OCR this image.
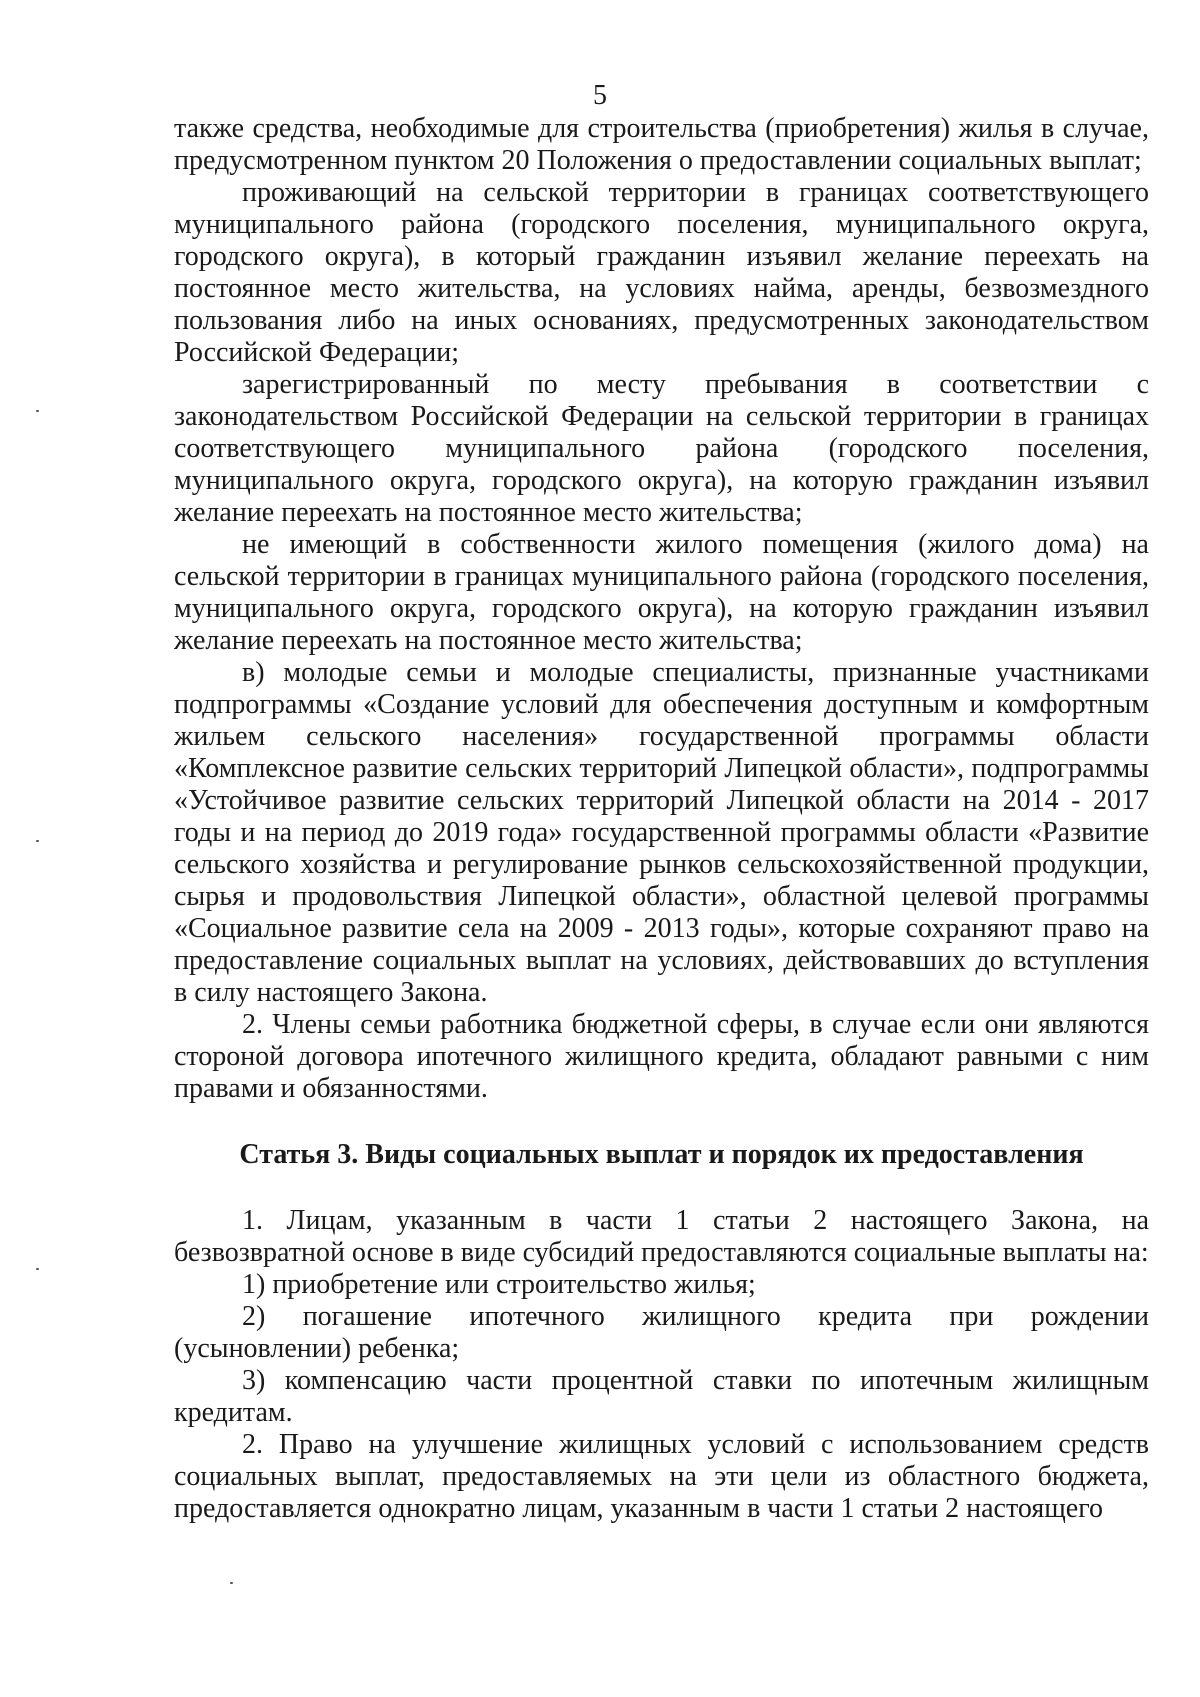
5

также средства, необходимые для строительства (приобретения) жилья в случае, предусмотренном пунктом 20 Положения о предоставлении социальных выплат;

проживающий на сельской территории в границах соответствующего муниципального района (городского поселения, муниципального округа, городского округа), в который гражданин изъявил желание переехать на постоянное место жительства, на условиях найма, аренды, безвозмездного пользования либо на иных основаниях, предусмотренных законодательством Российской Федерации;

зарегистрированный по месту пребывания в соответствии с законодательством Российской Федерации на сельской территории в границах соответствующего муниципального района (городского поселения, муниципального округа, городского округа), на которую гражданин изъявил желание переехать на постоянное место жительства;

не имеющий в собственности жилого помещения (жилого дома) на сельской территории в границах муниципального района (городского поселения, муниципального округа, городского округа), на которую гражданин изъявил желание переехать на постоянное место жительства;

в) молодые семьи и молодые специалисты, признанные участниками подпрограммы «Создание условий для обеспечения доступным и комфортным жильем сельского населения» государственной программы области «Комплексное развитие сельских территорий Липецкой области», подпрограммы «Устойчивое развитие сельских территорий Липецкой области на 2014 - 2017 годы и на период до 2019 года» государственной программы области «Развитие сельского хозяйства и регулирование рынков сельскохозяйственной продукции, сырья и продовольствия Липецкой области», областной целевой программы «Социальное развитие села на 2009 - 2013 годы», которые сохраняют право на предоставление социальных выплат на условиях, действовавших до вступления в силу настоящего Закона.

2. Члены семьи работника бюджетной сферы, в случае если они являются стороной договора ипотечного жилищного кредита, обладают равными с ним правами и обязанностями.

Статья 3. Виды социальных выплат и порядок их предоставления

1. Лицам, указанным в части 1 статьи 2 настоящего Закона, на безвозвратной основе в виде субсидий предоставляются социальные выплаты на:

1) приобретение или строительство жилья;

2) погашение ипотечного жилищного кредита при рождении (усыновлении) ребенка;

3) компенсацию части процентной ставки по ипотечным жилищным кредитам.

2. Право на улучшение жилищных условий с использованием средств социальных выплат, предоставляемых на эти цели из областного бюджета, предоставляется однократно лицам, указанным в части 1 статьи 2 настоящего
